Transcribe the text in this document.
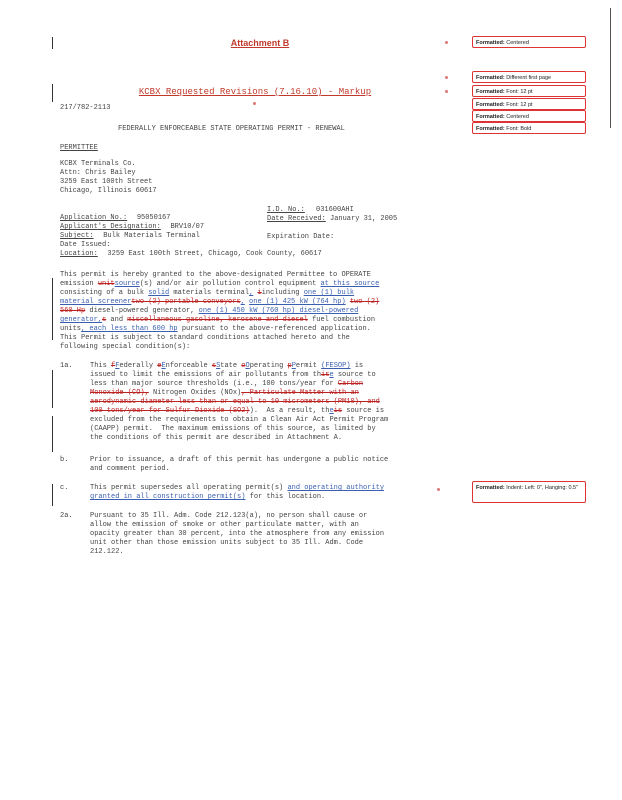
Attachment B
KCBX Requested Revisions (7.16.10) - Markup
217/782-2113
FEDERALLY ENFORCEABLE STATE OPERATING PERMIT - RENEWAL
PERMITTEE
KCBX Terminals Co.
Attn: Chris Bailey
3259 East 100th Street
Chicago, Illinois 60617
Application No.: 95050167
I.D. No.: 031600AHI
Applicant's Designation: BRV10/07
Date Received: January 31, 2005
Subject: Bulk Materials Terminal
Date Issued:
Expiration Date:
Location: 3259 East 100th Street, Chicago, Cook County, 60617
This permit is hereby granted to the above-designated Permittee to OPERATE
emission unitsource(s) and/or air pollution control equipment at this source
consisting of a bulk solid materials terminal, iincluding one (1) bulk
material screenertwo (2) portable conveyors, one (1) 425 kW (764 hp) two (2)
560 Hp diesel-powered generator, one (1) 450 kW (760 hp) diesel-powered
generator,s and miscellaneous gasoline, kerosene and diesel fuel combustion
units, each less than 600 hp pursuant to the above-referenced application.
This Permit is subject to standard conditions attached hereto and the
following special condition(s):
1a. This fFederally eEnforceable sState oOperating pPermit (FESOP) is
issued to limit the emissions of air pollutants from thise source to
less than major source thresholds (i.e., 100 tons/year for Carbon
Monoxide (CO), Nitrogen Oxides (NOx), Particulate Matter with an
aerodynamic diameter less than or equal to 10 micrometers (PM10), and
100 tons/year for Sulfur Dioxide (SO2)).  As a result, theis source is
excluded from the requirements to obtain a Clean Air Act Permit Program
(CAAPP) permit.  The maximum emissions of this source, as limited by
the conditions of this permit are described in Attachment A.
b.	Prior to issuance, a draft of this permit has undergone a public notice
and comment period.
c.	This permit supersedes all operating permit(s) and operating authority
granted in all construction permit(s) for this location.
2a. Pursuant to 35 Ill. Adm. Code 212.123(a), no person shall cause or
allow the emission of smoke or other particulate matter, with an
opacity greater than 30 percent, into the atmosphere from any emission
unit other than those emission units subject to 35 Ill. Adm. Code
212.122.
Formatted: Centered
Formatted: Different first page
Formatted: Font: 12 pt
Formatted: Font: 12 pt
Formatted: Centered
Formatted: Font: Bold
Formatted: Indent: Left: 0", Hanging: 0.5"
